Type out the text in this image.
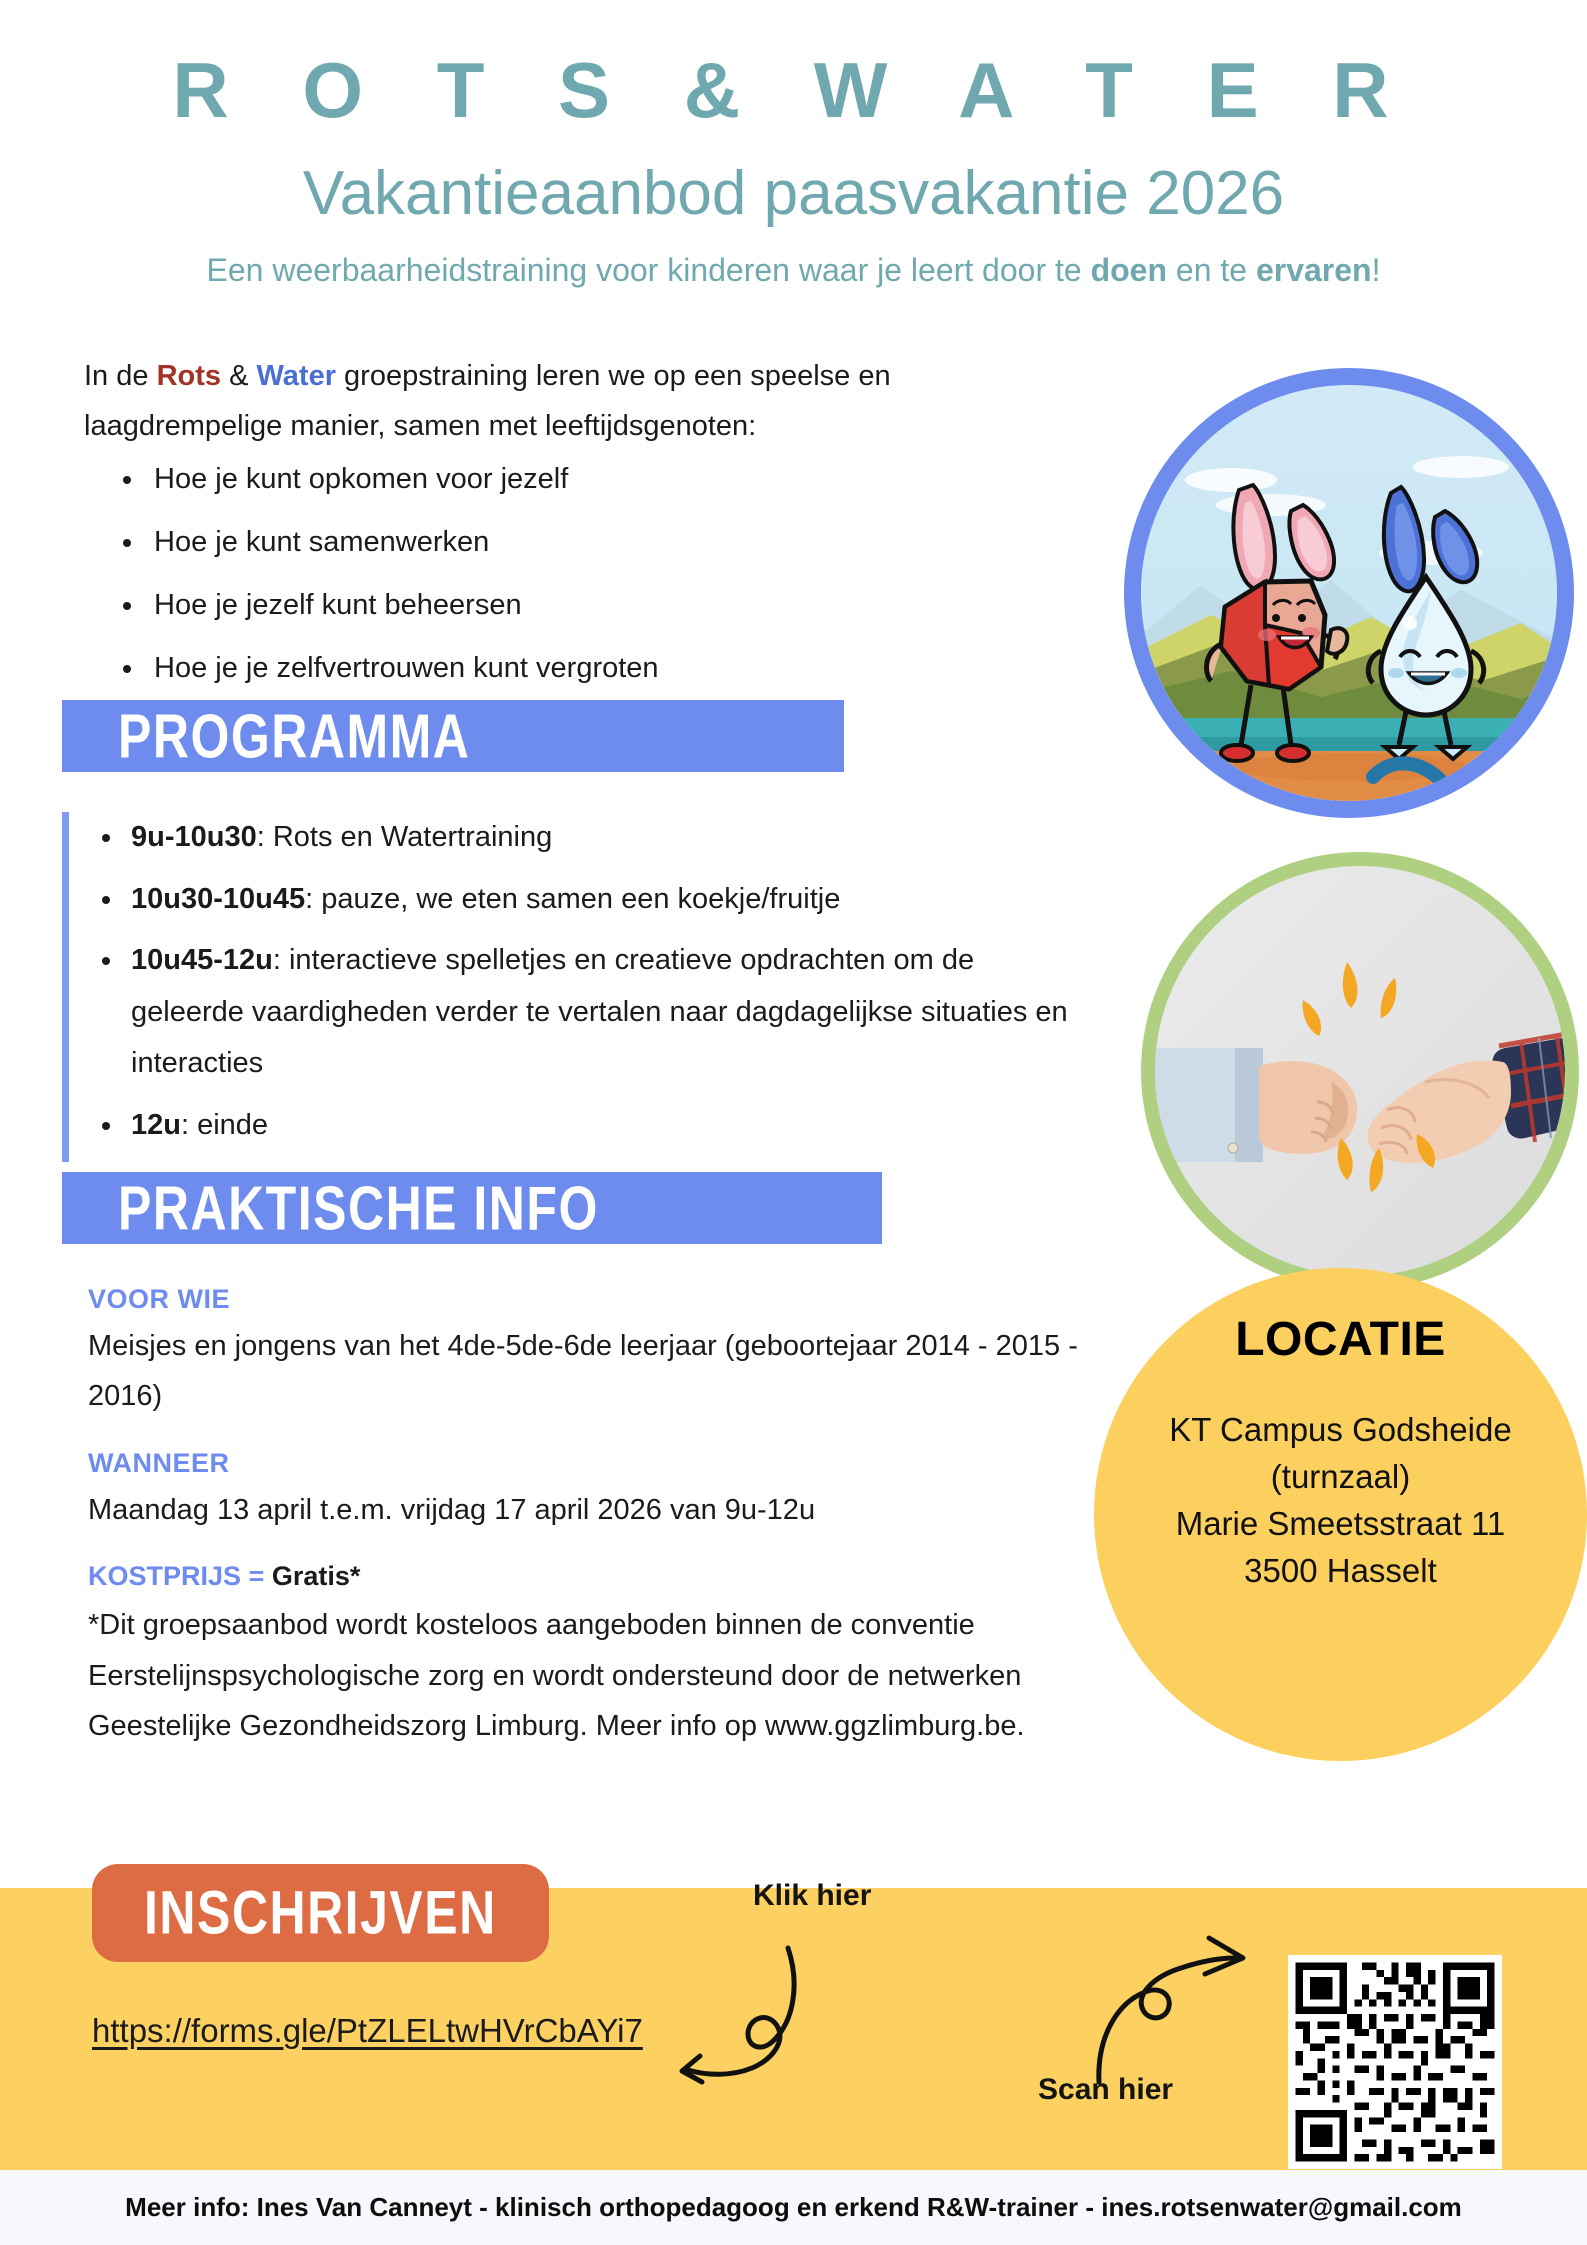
R O T S & W A T E R
Vakantieaanbod paasvakantie 2026
Een weerbaarheidstraining voor kinderen waar je leert door te doen en te ervaren!
In de Rots & Water groepstraining leren we op een speelse en laagdrempelige manier, samen met leeftijdsgenoten:
• Hoe je kunt opkomen voor jezelf
• Hoe je kunt samenwerken
• Hoe je jezelf kunt beheersen
• Hoe je je zelfvertrouwen kunt vergroten
PROGRAMMA
• 9u-10u30: Rots en Watertraining
• 10u30-10u45: pauze, we eten samen een koekje/fruitje
• 10u45-12u: interactieve spelletjes en creatieve opdrachten om de geleerde vaardigheden verder te vertalen naar dagdagelijkse situaties en interacties
• 12u: einde
PRAKTISCHE INFO

VOOR WIE

Meisjes en jongens van het 4de-5de-6de leerjaar (geboortejaar 2014 - 2015 - 2016)

WANNEER

Maandag 13 april t.e.m. vrijdag 17 april 2026 van 9u-12u

KOSTPRIJS = Gratis*

*Dit groepsaanbod wordt kosteloos aangeboden binnen de conventie Eerstelijnspsychologische zorg en wordt ondersteund door de netwerken Geestelijke Gezondheidszorg Limburg. Meer info op www.ggzlimburg.be.

LOCATIE
KT Campus Godsheide
(turnzaal)
Marie Smeetsstraat 11
3500 Hasselt
INSCHRIJVEN
https://forms.gle/PtZLELtwHVrCbAYi7
Klik hier
Scan hier
Meer info: Ines Van Canneyt - klinisch orthopedagoog en erkend R&W-trainer - ines.rotsenwater@gmail.com
